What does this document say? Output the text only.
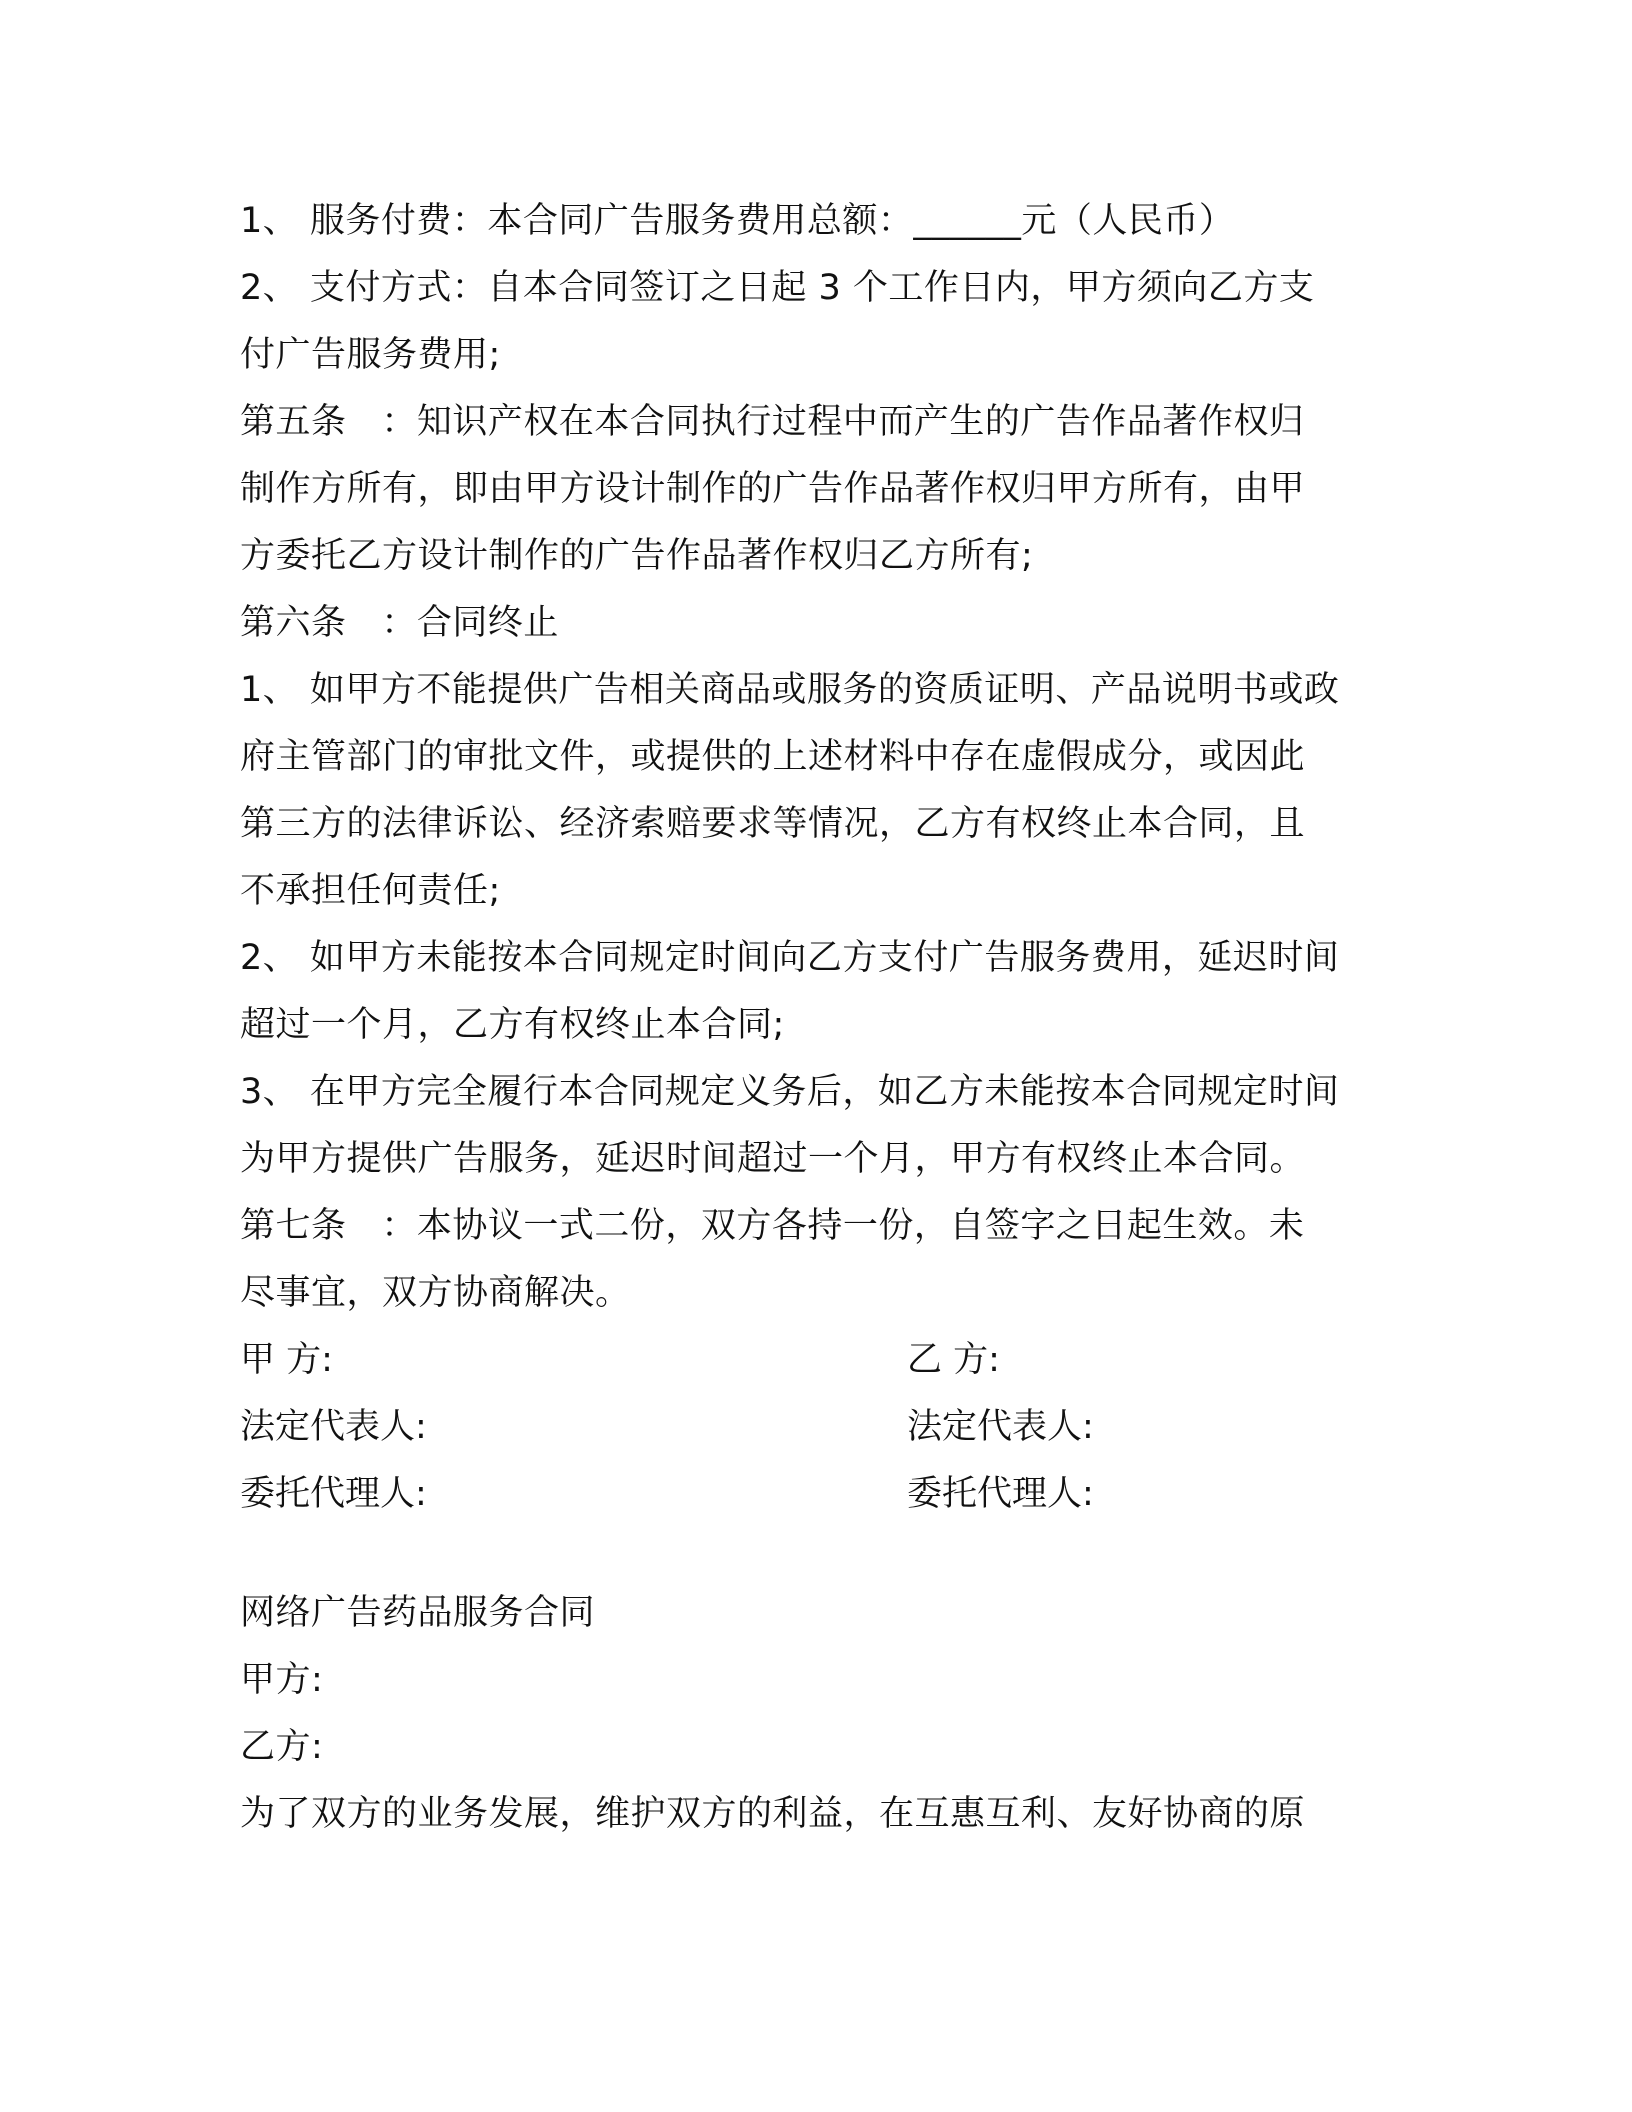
1、 服务付费：本合同广告服务费用总额：______元（人民币）
2、 支付方式：自本合同签订之日起 3 个工作日内，甲方须向乙方支
付广告服务费用;
第五条   ：知识产权在本合同执行过程中而产生的广告作品著作权归
制作方所有，即由甲方设计制作的广告作品著作权归甲方所有，由甲
方委托乙方设计制作的广告作品著作权归乙方所有;
第六条   ：合同终止
1、 如甲方不能提供广告相关商品或服务的资质证明、产品说明书或政
府主管部门的审批文件，或提供的上述材料中存在虚假成分，或因此
第三方的法律诉讼、经济索赔要求等情况，乙方有权终止本合同，且
不承担任何责任;
2、 如甲方未能按本合同规定时间向乙方支付广告服务费用，延迟时间
超过一个月，乙方有权终止本合同;
3、 在甲方完全履行本合同规定义务后，如乙方未能按本合同规定时间
为甲方提供广告服务，延迟时间超过一个月，甲方有权终止本合同。
第七条   ：本协议一式二份，双方各持一份，自签字之日起生效。未
尽事宜，双方协商解决。
甲 方:	乙 方:
法定代表人:	法定代表人:
委托代理人:	委托代理人:
网络广告药品服务合同
甲方:
乙方:
为了双方的业务发展，维护双方的利益，在互惠互利、友好协商的原
